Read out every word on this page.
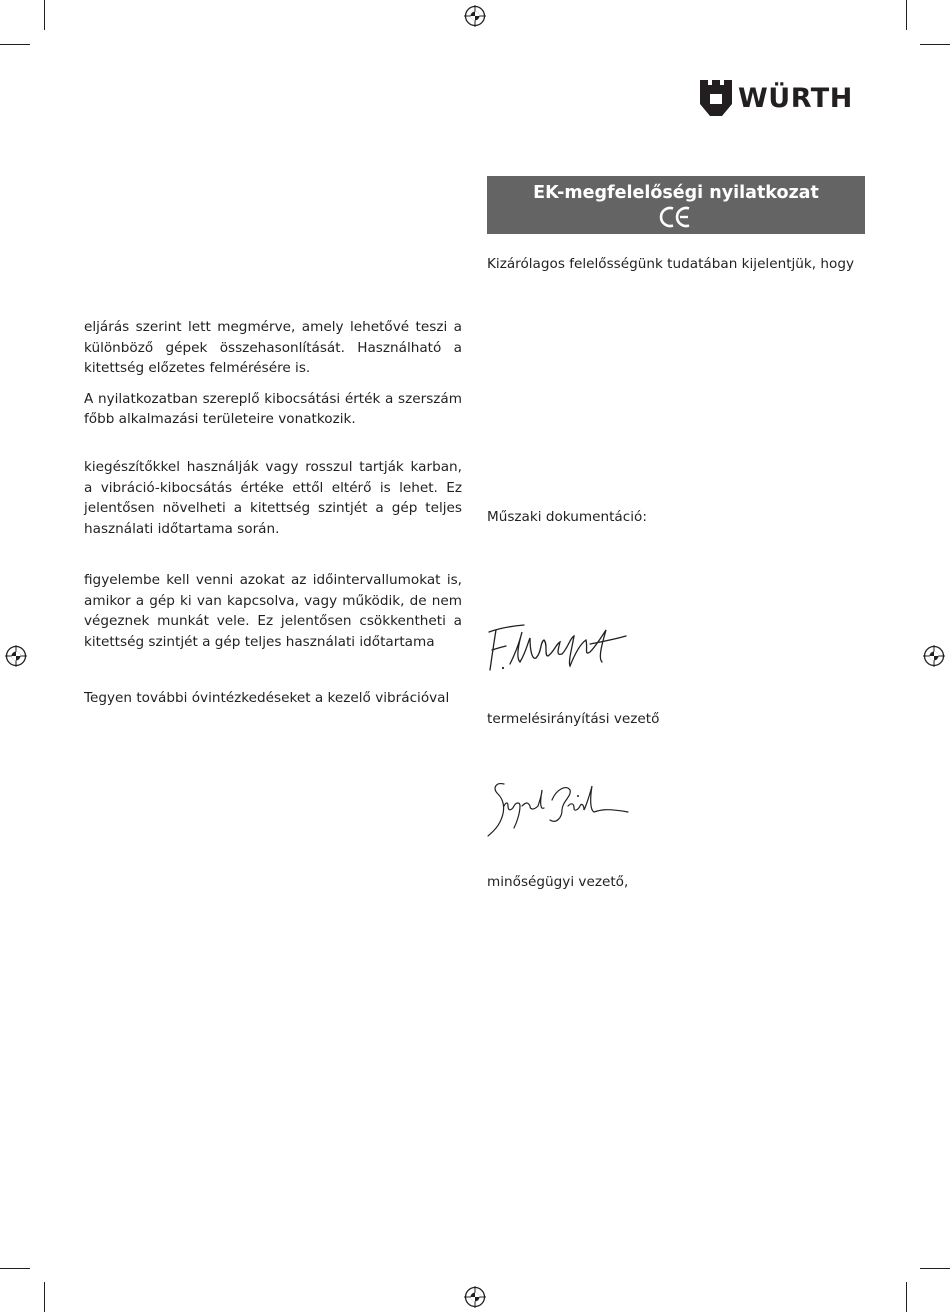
WÜRTH
EK-megfelelőségi nyilatkozat
Kizárólagos felelősségünk tudatában kijelentjük, hogy
Műszaki dokumentáció:
termelésirányítási vezető
minőségügyi vezető,

eljárás szerint lett megmérve, amely lehetővé teszi a különböző gépek összehasonlítását. Használható a kitettség előzetes felmérésére is.

A nyilatkozatban szereplő kibocsátási érték a szerszám főbb alkalmazási területeire vonatkozik.

kiegészítőkkel használják vagy rosszul tartják karban, a vibráció-kibocsátás értéke ettől eltérő is lehet. Ez jelentősen növelheti a kitettség szintjét a gép teljes használati időtartama során.

figyelembe kell venni azokat az időintervallumokat is, amikor a gép ki van kapcsolva, vagy működik, de nem végeznek munkát vele. Ez jelentősen csökkentheti a kitettség szintjét a gép teljes használati időtartama

Tegyen további óvintézkedéseket a kezelő vibrációval
